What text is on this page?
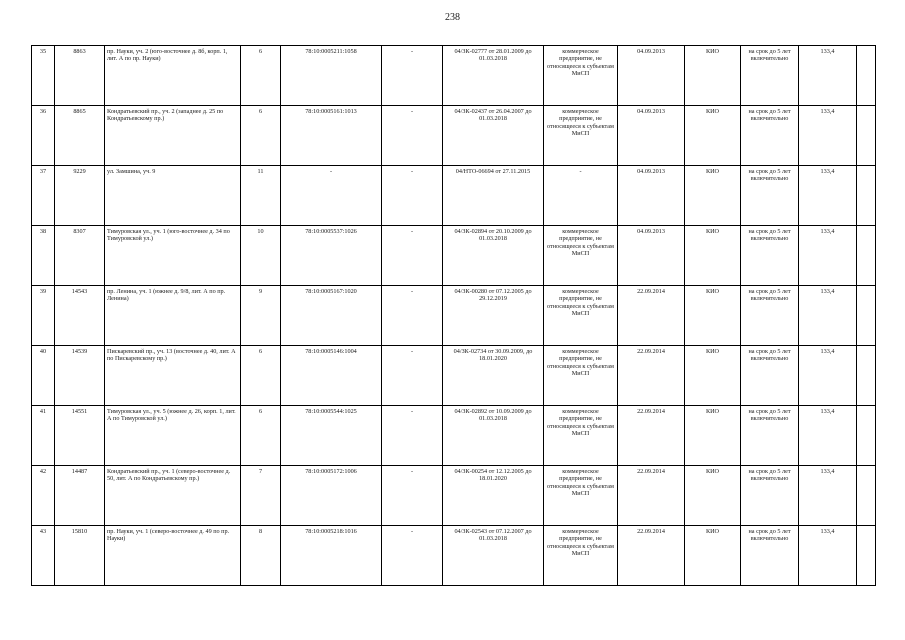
238
35	8863	пр. Науки, уч. 2 (юго-восточнее д. 8б, корп. 1, лит. А по пр. Науки)	6	78:10:0005211:1058	-	04/ЗК-02777 от 28.01.2009 до 01.03.2018	коммерческое предприятие, не относящееся к субъектам МиСП	04.09.2013	КИО	на срок до 5 лет включительно	133,4	
36	8865	Кондратьевский пр., уч. 2 (западнее д. 25 по Кондратьевскому пр.)	6	78:10:0005161:1013	-	04/ЗК-02437 от 26.04.2007 до 01.03.2018	коммерческое предприятие, не относящееся к субъектам МиСП	04.09.2013	КИО	на срок до 5 лет включительно	133,4	
37	9229	ул. Замшина, уч. 9	11	-	-	04/НТО-06694 от 27.11.2015	-	04.09.2013	КИО	на срок до 5 лет включительно	133,4	
38	8307	Тимуровская ул., уч. 1 (юго-восточнее д. 34 по Тимуровской ул.)	10	78:10:0005537:1026	-	04/ЗК-02894 от 20.10.2009 до 01.03.2018	коммерческое предприятие, не относящееся к субъектам МиСП	04.09.2013	КИО	на срок до 5 лет включительно	133,4	
39	14543	пр. Ленина, уч. 1 (южнее д. 9/8, лит. А по пр. Ленина)	9	78:10:0005167:1020	-	04/ЗК-00280 от 07.12.2005 до 29.12.2019	коммерческое предприятие, не относящееся к субъектам МиСП	22.09.2014	КИО	на срок до 5 лет включительно	133,4	
40	14539	Пискаревский пр., уч. 13 (восточнее д. 40, лит. А по Пискаревскому пр.)	6	78:10:0005146:1004	-	04/ЗК-02734 от 30.09.2009, до 18.01.2020	коммерческое предприятие, не относящееся к субъектам МиСП	22.09.2014	КИО	на срок до 5 лет включительно	133,4	
41	14551	Тимуровская ул., уч. 5 (южнее д. 26, корп. 1, лит. А по Тимуровской ул.)	6	78:10:0005544:1025	-	04/ЗК-02892 от 10.09.2009 до 01.03.2018	коммерческое предприятие, не относящееся к субъектам МиСП	22.09.2014	КИО	на срок до 5 лет включительно	133,4	
42	14487	Кондратьевский пр., уч. 1 (северо-восточнее д. 50, лит. А по Кондратьевскому пр.)	7	78:10:0005172:1006	-	04/ЗК-00254 от 12.12.2005 до 18.01.2020	коммерческое предприятие, не относящееся к субъектам МиСП	22.09.2014	КИО	на срок до 5 лет включительно	133,4	
43	15810	пр. Науки, уч. 1 (северо-восточнее д. 49 по пр. Науки)	8	78:10:0005218:1016	-	04/ЗК-02543 от 07.12.2007 до 01.03.2018	коммерческое предприятие, не относящееся к субъектам МиСП	22.09.2014	КИО	на срок до 5 лет включительно	133,4	
